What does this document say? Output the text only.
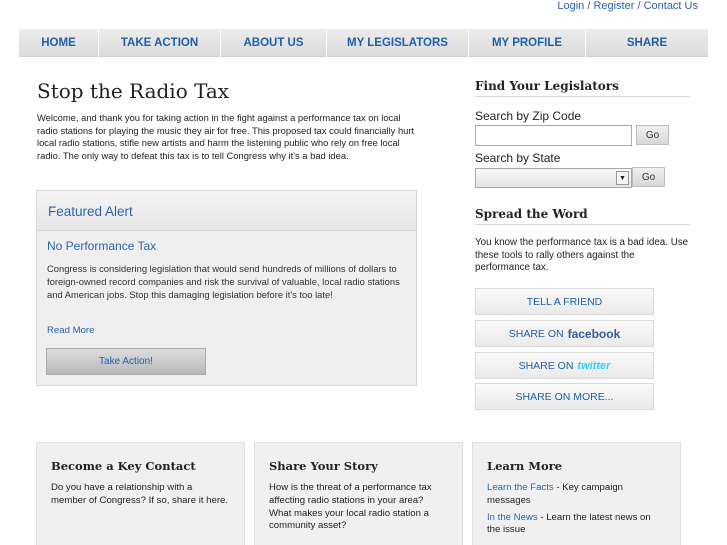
Login / Register / Contact Us
HOME	TAKE ACTION	ABOUT US	MY LEGISLATORS	MY PROFILE	SHARE
Stop the Radio Tax
Welcome, and thank you for taking action in the fight against a performance tax on local radio stations for playing the music they air for free. This proposed tax could financially hurt local radio stations, stifle new artists and harm the listening public who rely on free local radio. The only way to defeat this tax is to tell Congress why it's a bad idea.
Featured Alert
No Performance Tax
Congress is considering legislation that would send hundreds of millions of dollars to foreign-owned record companies and risk the survival of valuable, local radio stations and American jobs. Stop this damaging legislation before it's too late!
Read More
Take Action!
Find Your Legislators
Search by Zip Code
Go
Search by State
▼	Go
Spread the Word
You know the performance tax is a bad idea. Use these tools to rally others against the performance tax.
TELL A FRIEND
SHARE ON facebook
SHARE ON twitter
SHARE ON MORE...
Become a Key Contact
Do you have a relationship with a member of Congress? If so, share it here.
Share Your Story
How is the threat of a performance tax affecting radio stations in your area? What makes your local radio station a community asset?
Learn More
Learn the Facts - Key campaign messages
In the News - Learn the latest news on the issue
